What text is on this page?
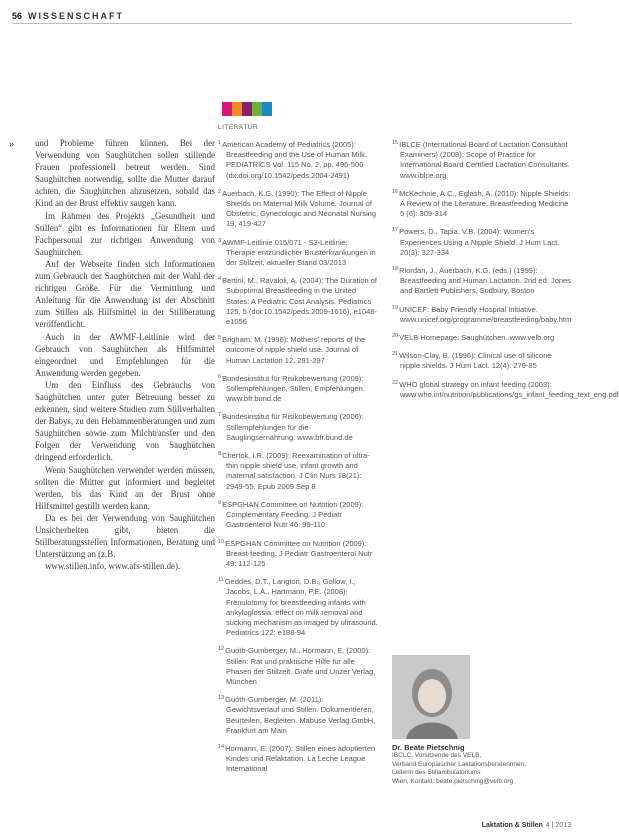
56 WISSENSCHAFT
LITERATUR
» und Probleme führen können. Bei der Verwendung von Saughütchen sollen stillende Frauen professionell betreut werden. Sind Saughütchen notwendig, sollte die Mutter darauf achten, die Saughütchen abzusetzen, sobald das Kind an der Brust effektiv saugen kann.

Im Rahmen des Projekts „Gesundheit und Stillen“ gibt es Informationen für Eltern und Fachpersonal zur richtigen Anwendung von Saughütchen.

Auf der Webseite finden sich Informationen zum Gebrauch der Saughütchen mit der Wahl der richtigen Größe. Für die Vermittlung und Anleitung für die Anwendung ist der Abschnitt zum Stillen als Hilfsmittel in der Stillberatung veröffentlicht.

Auch in der AWMF-Leitlinie wird der Gebrauch von Saughütchen als Hilfsmittel eingeordnet und Empfehlungen für die Anwendung werden gegeben.

Um den Einfluss des Gebrauchs von Saughütchen unter guter Betreuung besser zu erkennen, sind weitere Studien zum Stillverhalten der Babys, zu den Hebammenberatungen und zum Saughütchen sowie zum Milchtransfer und den Folgen der Verwendung von Saughütchen dringend erforderlich.

Wenn Saughütchen verwendet werden müssen, sollten die Mütter gut informiert und begleitet werden, bis das Kind an der Brust ohne Hilfsmittel gestillt werden kann.

Da es bei der Verwendung von Saughütchen Unsicherheiten gibt, bieten die Stillberatungsstellen Informationen, Beratung und Unterstützung an (z.B.

www.stillen.info, www.afs-stillen.de).

$^1$American Academy of Pediatrics (2005): Breastfeeding and the Use of Human Milk. PEDIATRICS Vol. 115 No. 2, pp. 496-506 (dx.doi.org/10.1542/peds.2004-2491)
$^2$Auerbach, K.G. (1990): The Effect of Nipple Shields on Maternal Milk Volume. Journal of Obstetric, Gynecologic and Neonatal Nursing 19, 419-427
$^3$AWMF-Leitlinie 015/071 - S3-Leitlinie: Therapie entzündlicher Brusterkrankungen in der Stillzeit, aktueller Stand 03/2013
$^4$Bertini, M., Ravaioli, A. (2004): The Duration of Suboptimal Breastfeeding in the United States: A Pediatric Cost Analysis. Pediatrics 125, 5 (doi:10.1542/peds.2009-1616), e1048-e1056
$^5$Brigham, M. (1996): Mothers' reports of the outcome of nipple shield use. Journal of Human Lactation 12, 291-297
$^6$Bundesinstitut für Risikobewertung (2009): Stillempfehlungen, Stillen, Empfehlungen. www.bfr.bund.de
$^7$Bundesinstitut für Risikobewertung (2006): Stillempfehlungen für die Säuglingsernährung. www.bfr.bund.de
$^8$Chertok, I.R. (2009): Reexamination of ultra-thin nipple shield use, infant growth and maternal satisfaction. J Clin Nurs 18(21): 2949-55. Epub 2009 Sep 8
$^9$ESPGHAN Committee on Nutrition (2009): Complementary Feeding. J Pediatr Gastroenterol Nutr 46: 99-110
$^{10}$ESPGHAN Committee on Nutrition (2009): Breast-feeding. J Pediatr Gastroenterol Nutr 49: 112-125
$^{11}$Geddes, D.T., Langton, D.B., Gollow, I., Jacobs, L.A., Hartmann, P.E. (2008): Frenulotomy for breastfeeding infants with ankyloglossia: effect on milk removal and sucking mechanism as imaged by ultrasound. Pediatrics 122: e188-94
$^{12}$Guóth-Gumberger, M., Hormann, E. (2000): Stillen: Rat und praktische Hilfe für alle Phasen der Stillzeit. Gräfe und Unzer Verlag, München
$^{13}$Guóth-Gumberger, M. (2011): Gewichtsverlauf und Stillen. Dokumentieren, Beurteilen, Begleiten. Mabuse Verlag GmbH, Frankfurt am Main
$^{14}$Hormann, E. (2007): Stillen eines adoptierten Kindes und Relaktation. La Leche League International
$^{15}$IBLCE (International Board of Lactation Consultant Examiners) (2008): Scope of Practice for International Board Certified Lactation Consultants. www.iblce.org
$^{16}$McKechnie, A.C., Eglash, A. (2010): Nipple Shields: A Review of the Literature. Breastfeeding Medicine 5 (6): 309-314
$^{17}$Powers, D., Tapia, V.B. (2004): Women's Experiences Using a Nipple Shield. J Hum Lact. 20(3): 327-334
$^{18}$Riordan, J., Auerbach, K.G. (eds.) (1999): Breastfeeding and Human Lactation. 2nd ed. Jones and Bartlett Publishers, Sudbury, Boston
$^{19}$UNICEF: Baby Friendly Hospital Initiative. www.unicef.org/programme/breastfeeding/baby.htm
$^{20}$VELB Homepage: Saughütchen. www.velb.org
$^{21}$Wilson-Clay, B. (1996): Clinical use of silicone nipple shields. J Hum Lact. 12(4): 279-85
$^{22}$WHO global strategy on infant feeding (2003): www.who.int/nutrition/publications/gs_infant_feeding_text_eng.pdf
Dr. Beate Pietschnig
IBCLC, Vorsitzende des VELB,
Verband Europäischer Laktationsberaterinnen,
Leiterin des Stillambulatoriums
Wien, Kontakt: beate.pietschnig@velb.org
Laktation & Stillen 4 | 2013
